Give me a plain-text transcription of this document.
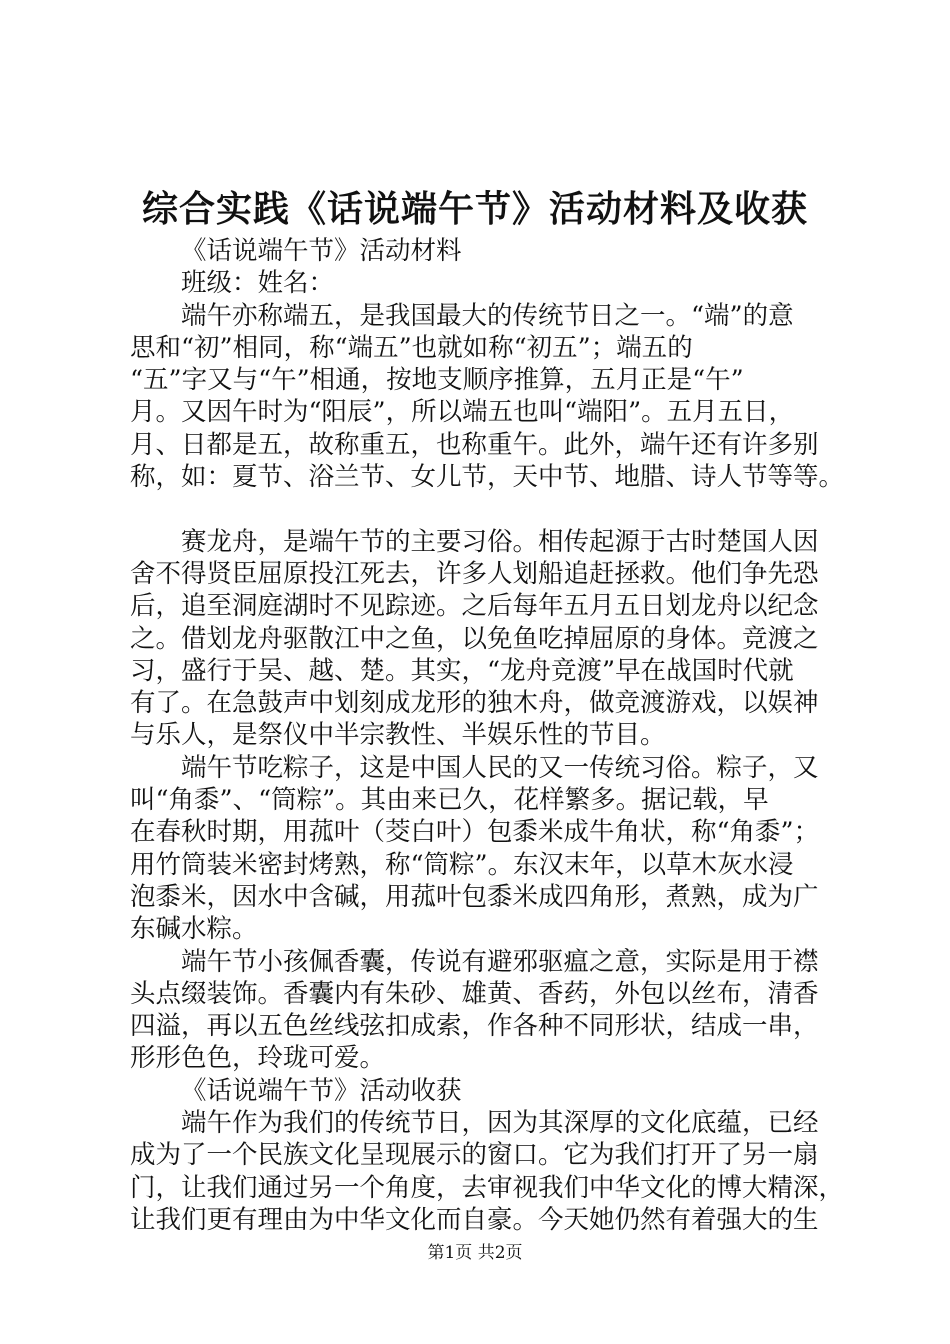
综合实践《话说端午节》活动材料及收获
《话说端午节》活动材料
班级：姓名：
端午亦称端五，是我国最大的传统节日之一。“端”的意
思和“初”相同，称“端五”也就如称“初五”；端五的
“五”字又与“午”相通，按地支顺序推算，五月正是“午”
月。又因午时为“阳辰”，所以端五也叫“端阳”。五月五日，
月、日都是五，故称重五，也称重午。此外，端午还有许多别
称，如：夏节、浴兰节、女儿节，天中节、地腊、诗人节等等。
赛龙舟，是端午节的主要习俗。相传起源于古时楚国人因
舍不得贤臣屈原投江死去，许多人划船追赶拯救。他们争先恐
后，追至洞庭湖时不见踪迹。之后每年五月五日划龙舟以纪念
之。借划龙舟驱散江中之鱼，以免鱼吃掉屈原的身体。竞渡之
习，盛行于吴、越、楚。其实，“龙舟竞渡”早在战国时代就
有了。在急鼓声中划刻成龙形的独木舟，做竞渡游戏，以娱神
与乐人，是祭仪中半宗教性、半娱乐性的节目。
端午节吃粽子，这是中国人民的又一传统习俗。粽子，又
叫“角黍”、“筒粽”。其由来已久，花样繁多。据记载，早
在春秋时期，用菰叶（茭白叶）包黍米成牛角状，称“角黍”；
用竹筒装米密封烤熟，称“筒粽”。东汉末年，以草木灰水浸
泡黍米，因水中含碱，用菰叶包黍米成四角形，煮熟，成为广
东碱水粽。
端午节小孩佩香囊，传说有避邪驱瘟之意，实际是用于襟
头点缀装饰。香囊内有朱砂、雄黄、香药，外包以丝布，清香
四溢，再以五色丝线弦扣成索，作各种不同形状，结成一串，
形形色色，玲珑可爱。
《话说端午节》活动收获
端午作为我们的传统节日，因为其深厚的文化底蕴，已经
成为了一个民族文化呈现展示的窗口。它为我们打开了另一扇
门，让我们通过另一个角度，去审视我们中华文化的博大精深，
让我们更有理由为中华文化而自豪。今天她仍然有着强大的生
第1页 共2页
